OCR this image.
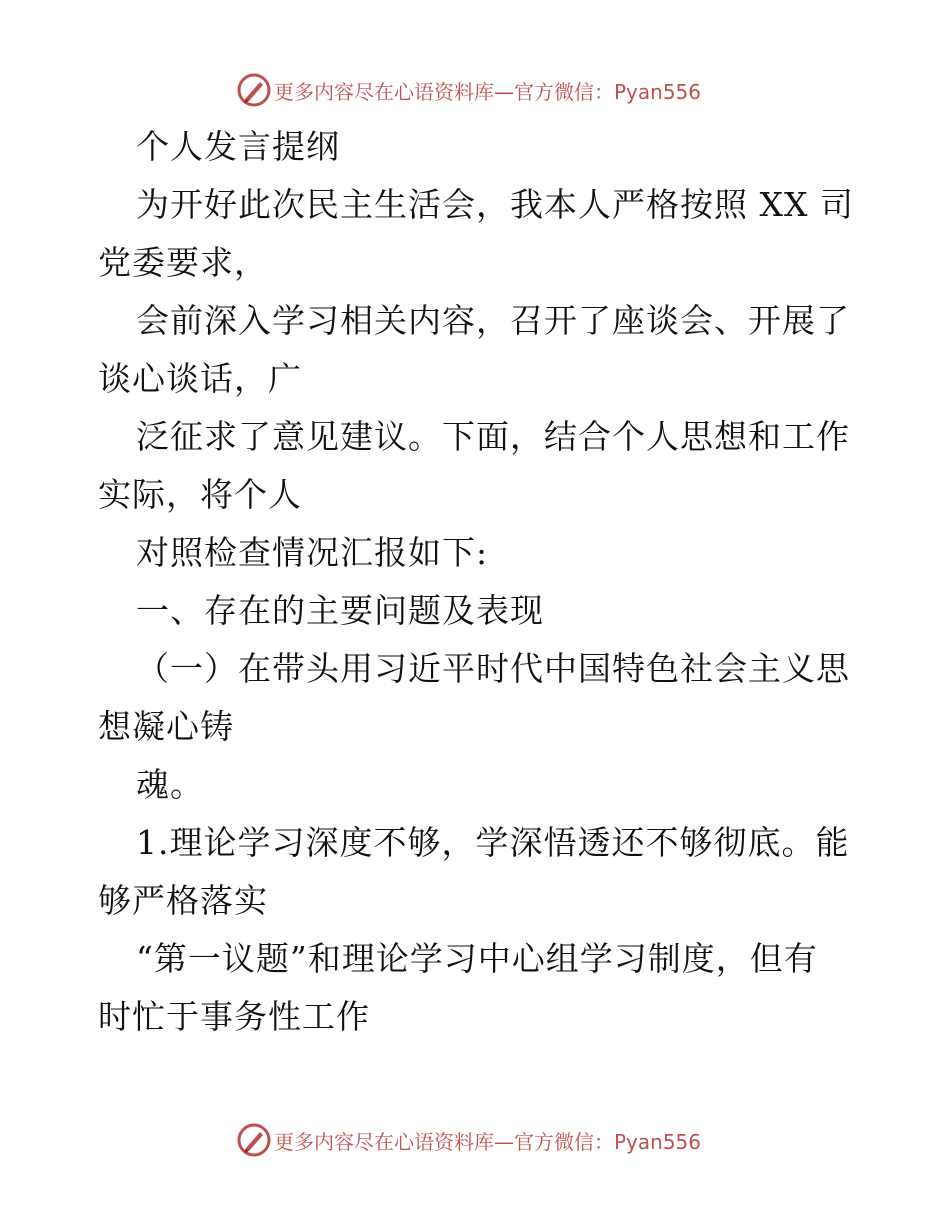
更多内容尽在心语资料库—官方微信：Pyan556
个人发言提纲
为开好此次民主生活会，我本人严格按照 XX 司
党委要求，
会前深入学习相关内容，召开了座谈会、开展了
谈心谈话，广
泛征求了意见建议。下面，结合个人思想和工作
实际，将个人
对照检查情况汇报如下:
一、存在的主要问题及表现
（一）在带头用习近平时代中国特色社会主义思
想凝心铸
魂。
1.理论学习深度不够，学深悟透还不够彻底。能
够严格落实
“第一议题”和理论学习中心组学习制度，但有
时忙于事务性工作
更多内容尽在心语资料库—官方微信：Pyan556
